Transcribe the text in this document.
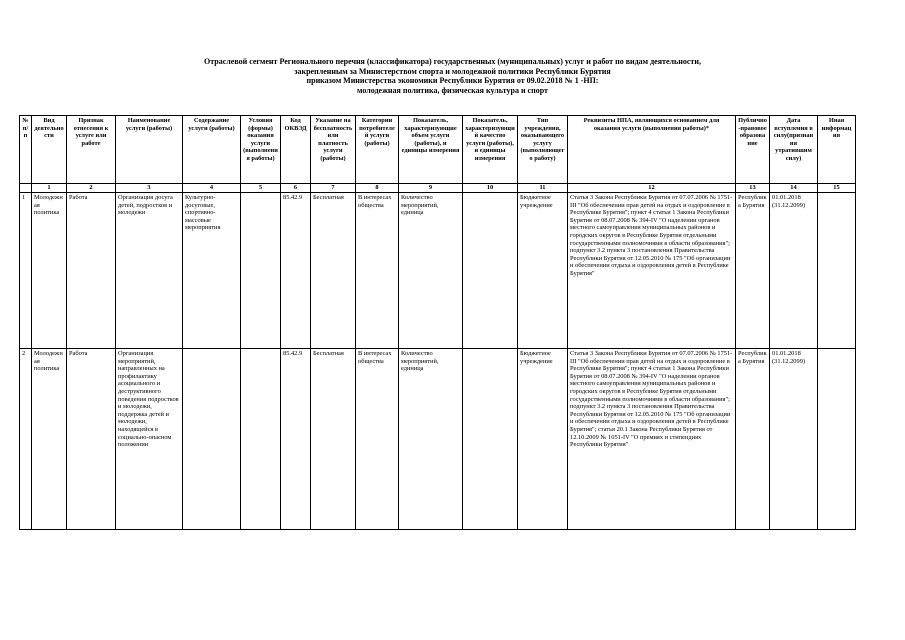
Отраслевой сегмент Регионального перечня (классификатора) государственных (муниципальных) услуг и работ по видам деятельности,
закрепленным за Министерством спорта и молодежной политики Республики Бурятия
приказом Министерства экономики Республики Бурятия от 09.02.2018 № 1 -НП:
молодежная политика, физическая культура и спорт
№ п/п	Вид деятельности	Признак отнесения к услуге или работе	Наименование услуги (работы)	Содержание услуги (работы)	Условия (формы) оказания услуги (выполнения работы)	Код ОКВЭД	Указание на бесплатность или платность услуги (работы)	Категории потребителей услуги (работы)	Показатель, характеризующие объем услуги (работы), и единицы измерения	Показатель, характеризующий качество услуги (работы), и единицы измерения	Тип учреждения, оказывающего услугу (выполняющего работу)	Реквизиты НПА, являющихся основанием для оказания услуги (выполнения работы)*	Публично-правовое образование	Дата вступления в силу(признания утратившим силу)	Иная информация
	1	2	3	4	5	6	7	8	9	10	11	12	13	14	15
1	Молодежная политика	Работа	Организация досуга детей, подростков и молодежи	Культурно-досуговые, спортивно-массовые мероприятия		85.42.9	Бесплатная	В интересах общества	Количество мероприятий, единица		Бюджетное учреждение	Статья 3 Закона Республики Бурятия от 07.07.2006 № 1751-III "Об обеспечении прав детей на отдых и оздоровление в Республике Бурятия"; пункт 4 статьи 1 Закона Республики Бурятия от 08.07.2008 № 394-IV "О наделении органов местного самоуправления муниципальных районов и городских округов в Республике Бурятия отдельными государственными полномочиями в области образования"; подпункт 3.2 пункта 3 постановления Правительства Республики Бурятия от 12.05.2010 № 175 "Об организации и обеспечении отдыха и оздоровления детей в Республике Бурятия"	Республика Бурятия	01.01.2018 (31.12.2099)	
2	Молодежная политика	Работа	Организация мероприятий, направленных на профилактику асоциального и деструктивного поведения подростков и молодежи, поддержка детей и молодежи, находящейся в социально-опасном положении			85.42.9	Бесплатная	В интересах общества	Количество мероприятий, единица		Бюджетное учреждение	Статья 3 Закона Республики Бурятия от 07.07.2006 № 1751-III "Об обеспечении прав детей на отдых и оздоровление в Республике Бурятия"; пункт 4 статьи 1 Закона Республики Бурятия от 08.07.2008 № 394-IV "О наделении органов местного самоуправления муниципальных районов и городских округов в Республике Бурятия отдельными государственными полномочиями в области образования"; подпункт 3.2 пункта 3 постановления Правительства Республики Бурятия от 12.05.2010 № 175 "Об организации и обеспечении отдыха и оздоровления детей в Республике Бурятия"; статья 20.1 Закона Республики Бурятия от 12.10.2009 № 1051-IV "О премиях и стипендиях Республики Бурятия"	Республика Бурятия	01.01.2018 (31.12.2099)	
